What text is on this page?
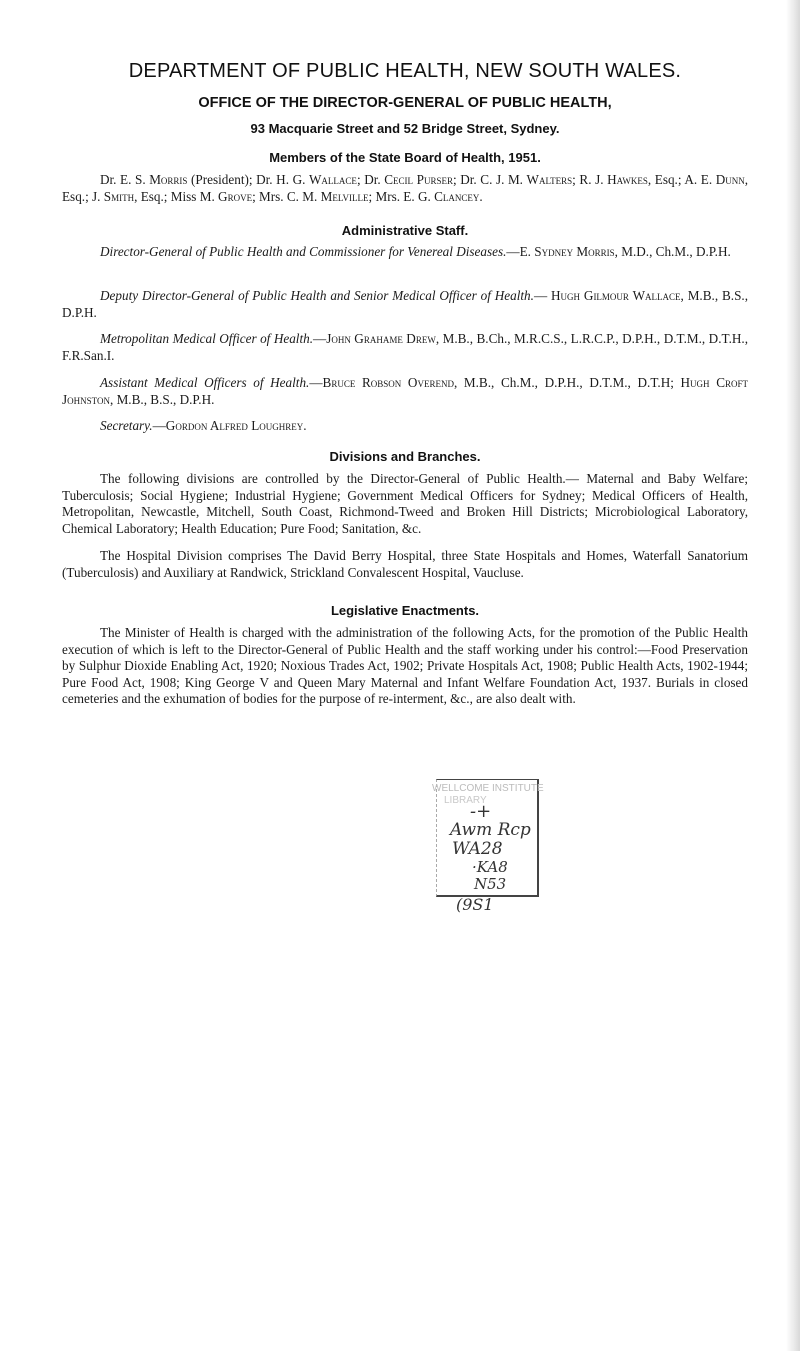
DEPARTMENT OF PUBLIC HEALTH, NEW SOUTH WALES.
OFFICE OF THE DIRECTOR-GENERAL OF PUBLIC HEALTH,
93 Macquarie Street and 52 Bridge Street, Sydney.
Members of the State Board of Health, 1951.

Dr. E. S. Morris (President); Dr. H. G. Wallace; Dr. Cecil Purser; Dr. C. J. M. Walters; R. J. Hawkes, Esq.; A. E. Dunn, Esq.; J. Smith, Esq.; Miss M. Grove; Mrs. C. M. Melville; Mrs. E. G. Clancey.

Administrative Staff.

Director-General of Public Health and Commissioner for Venereal Diseases.—E. Sydney Morris, M.D., Ch.M., D.P.H.

Deputy Director-General of Public Health and Senior Medical Officer of Health.— Hugh Gilmour Wallace, M.B., B.S., D.P.H.

Metropolitan Medical Officer of Health.—John Grahame Drew, M.B., B.Ch., M.R.C.S., L.R.C.P., D.P.H., D.T.M., D.T.H., F.R.San.I.

Assistant Medical Officers of Health.—Bruce Robson Overend, M.B., Ch.M., D.P.H., D.T.M., D.T.H; Hugh Croft Johnston, M.B., B.S., D.P.H.

Secretary.—Gordon Alfred Loughrey.

Divisions and Branches.

The following divisions are controlled by the Director-General of Public Health.— Maternal and Baby Welfare; Tuberculosis; Social Hygiene; Industrial Hygiene; Government Medical Officers for Sydney; Medical Officers of Health, Metropolitan, Newcastle, Mitchell, South Coast, Richmond-Tweed and Broken Hill Districts; Microbiological Laboratory, Chemical Laboratory; Health Education; Pure Food; Sanitation, &c.

The Hospital Division comprises The David Berry Hospital, three State Hospitals and Homes, Waterfall Sanatorium (Tuberculosis) and Auxiliary at Randwick, Strickland Convalescent Hospital, Vaucluse.

Legislative Enactments.

The Minister of Health is charged with the administration of the following Acts, for the promotion of the Public Health execution of which is left to the Director-General of Public Health and the staff working under his control:—Food Preservation by Sulphur Dioxide Enabling Act, 1920; Noxious Trades Act, 1902; Private Hospitals Act, 1908; Public Health Acts, 1902-1944; Pure Food Act, 1908; King George V and Queen Mary Maternal and Infant Welfare Foundation Act, 1937. Burials in closed cemeteries and the exhumation of bodies for the purpose of re-interment, &c., are also dealt with.

WELLCOME INSTITUTE
LIBRARY
-+
Awm Rcp
WA28
·KA8
N53
(9S1
